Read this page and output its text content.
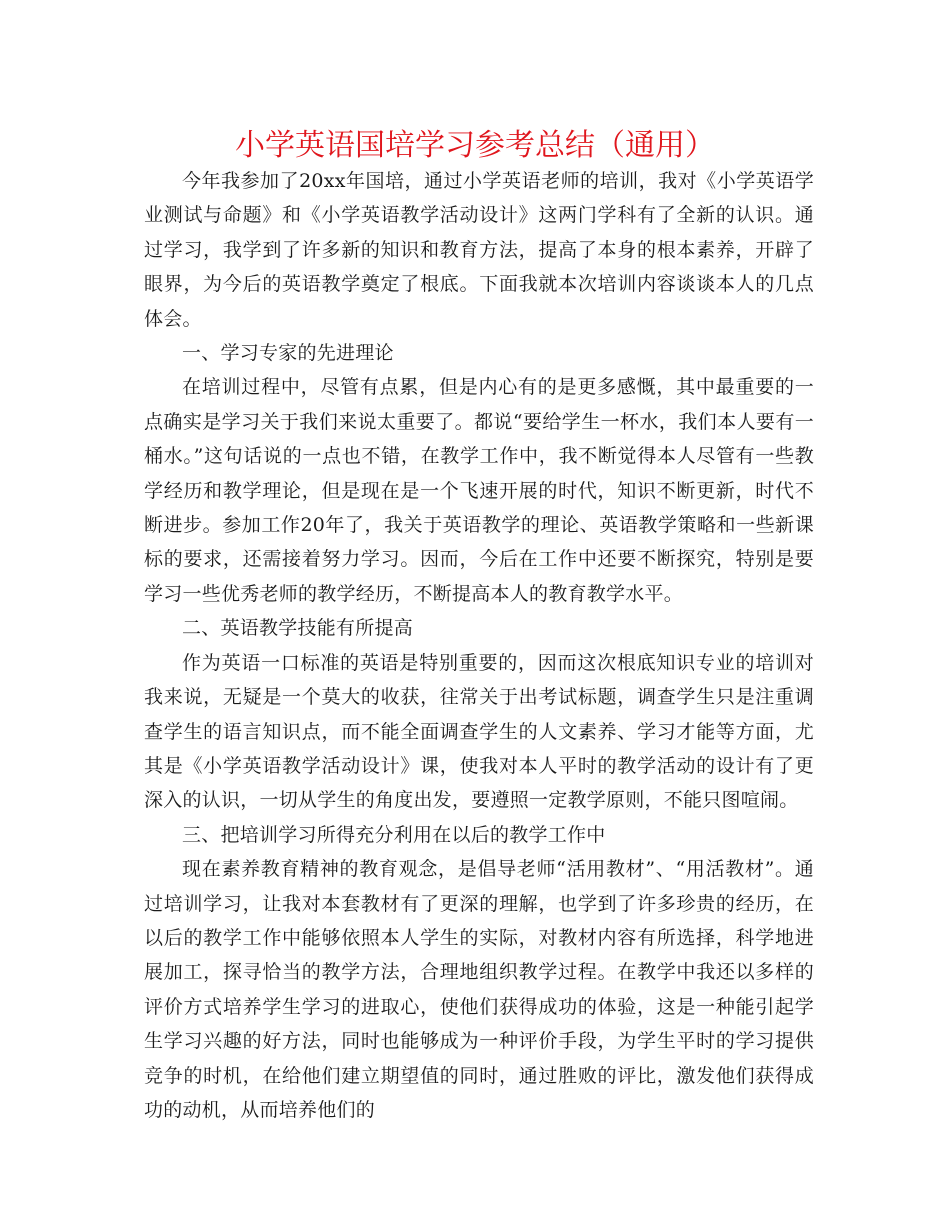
小学英语国培学习参考总结（通用）

今年我参加了20xx年国培，通过小学英语老师的培训，我对《小学英语学业测试与命题》和《小学英语教学活动设计》这两门学科有了全新的认识。通过学习，我学到了许多新的知识和教育方法，提高了本身的根本素养，开辟了眼界，为今后的英语教学奠定了根底。下面我就本次培训内容谈谈本人的几点体会。

一、学习专家的先进理论

在培训过程中，尽管有点累，但是内心有的是更多感慨，其中最重要的一点确实是学习关于我们来说太重要了。都说“要给学生一杯水，我们本人要有一桶水。”这句话说的一点也不错，在教学工作中，我不断觉得本人尽管有一些教学经历和教学理论，但是现在是一个飞速开展的时代，知识不断更新，时代不断进步。参加工作20年了，我关于英语教学的理论、英语教学策略和一些新课标的要求，还需接着努力学习。因而，今后在工作中还要不断探究，特别是要学习一些优秀老师的教学经历，不断提高本人的教育教学水平。

二、英语教学技能有所提高

作为英语一口标准的英语是特别重要的，因而这次根底知识专业的培训对我来说，无疑是一个莫大的收获，往常关于出考试标题，调查学生只是注重调查学生的语言知识点，而不能全面调查学生的人文素养、学习才能等方面，尤其是《小学英语教学活动设计》课，使我对本人平时的教学活动的设计有了更深入的认识，一切从学生的角度出发，要遵照一定教学原则，不能只图喧闹。

三、把培训学习所得充分利用在以后的教学工作中

现在素养教育精神的教育观念，是倡导老师“活用教材”、“用活教材”。通过培训学习，让我对本套教材有了更深的理解，也学到了许多珍贵的经历，在以后的教学工作中能够依照本人学生的实际，对教材内容有所选择，科学地进展加工，探寻恰当的教学方法，合理地组织教学过程。在教学中我还以多样的评价方式培养学生学习的进取心，使他们获得成功的体验，这是一种能引起学生学习兴趣的好方法，同时也能够成为一种评价手段，为学生平时的学习提供竞争的时机，在给他们建立期望值的同时，通过胜败的评比，激发他们获得成功的动机，从而培养他们的
